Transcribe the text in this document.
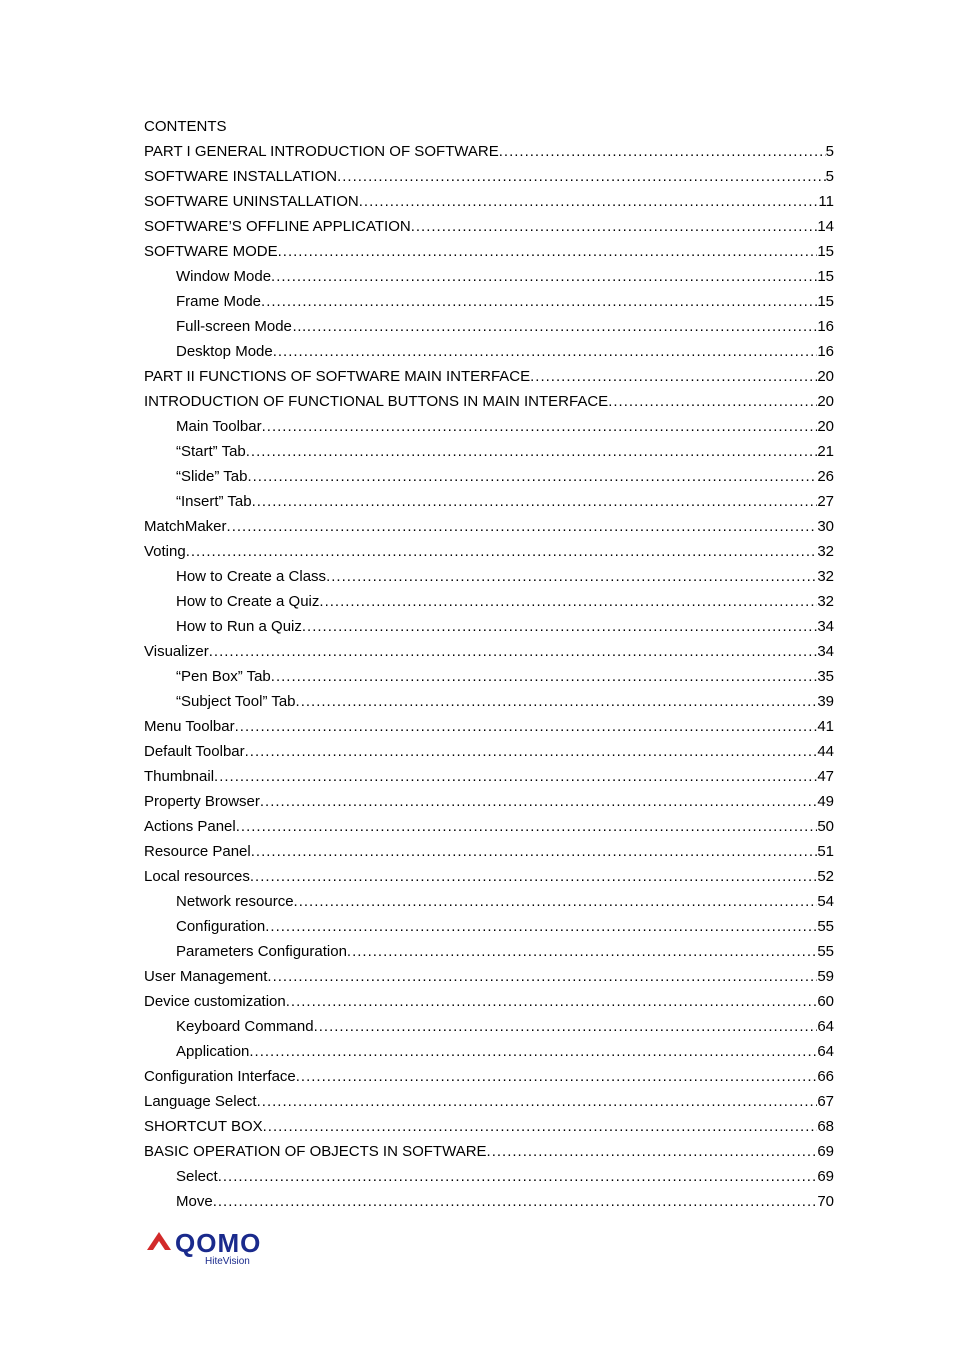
CONTENTS
PART I GENERAL INTRODUCTION OF SOFTWARE .....	5
SOFTWARE INSTALLATION .....	5
SOFTWARE UNINSTALLATION .....	11
SOFTWARE’S OFFLINE APPLICATION .....	14
SOFTWARE MODE .....	15
Window Mode .....	15
Frame Mode .....	15
Full-screen Mode… .....	16
Desktop Mode .....	16
PART II FUNCTIONS OF SOFTWARE MAIN INTERFACE .....	20
INTRODUCTION OF FUNCTIONAL BUTTONS IN MAIN INTERFACE .....	20
Main Toolbar .....	20
“Start” Tab .....	21
“Slide” Tab .....	26
“Insert” Tab .....	27
MatchMaker .....	30
Voting .....	32
How to Create a Class .....	32
How to Create a Quiz .....	32
How to Run a Quiz .....	34
Visualizer .....	34
“Pen Box” Tab .....	35
“Subject Tool” Tab .....	39
Menu Toolbar .....	41
Default Toolbar .....	44
Thumbnail .....	47
Property Browser .....	49
Actions Panel .....	50
Resource Panel .....	51
Local resources .....	52
Network resource .....	54
Configuration .....	55
Parameters Configuration .....	55
User Management .....	59
Device customization .....	60
Keyboard Command .....	64
Application .....	64
Configuration Interface .....	66
Language Select .....	67
SHORTCUT BOX .....	68
BASIC OPERATION OF OBJECTS IN SOFTWARE .....	69
Select .....	69
Move .....	70
QOMO
HiteVision
